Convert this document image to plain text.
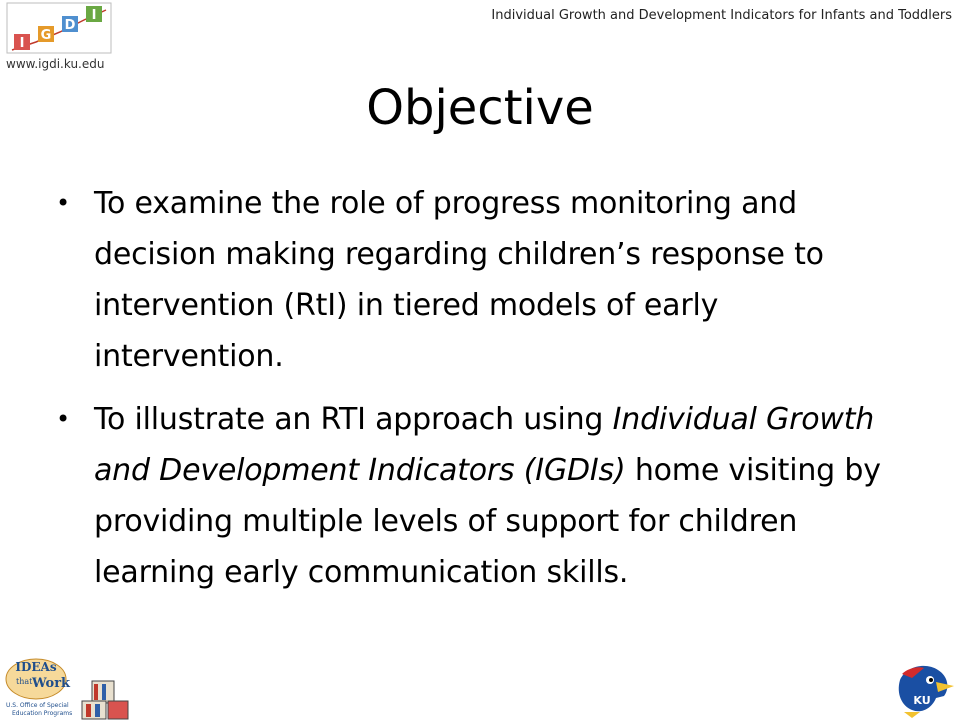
I
G
D
I
www.igdi.ku.edu
Individual Growth and Development Indicators for Infants and Toddlers
Objective
• To examine the role of progress monitoring and decision making regarding children’s response to intervention (RtI) in tiered models of early intervention.
• To illustrate an RTI approach using Individual Growth and Development Indicators (IGDIs) home visiting by providing multiple levels of support for children learning early communication skills.
IDEAs
that Work
U.S. Office of Special
Education Programs
KU
